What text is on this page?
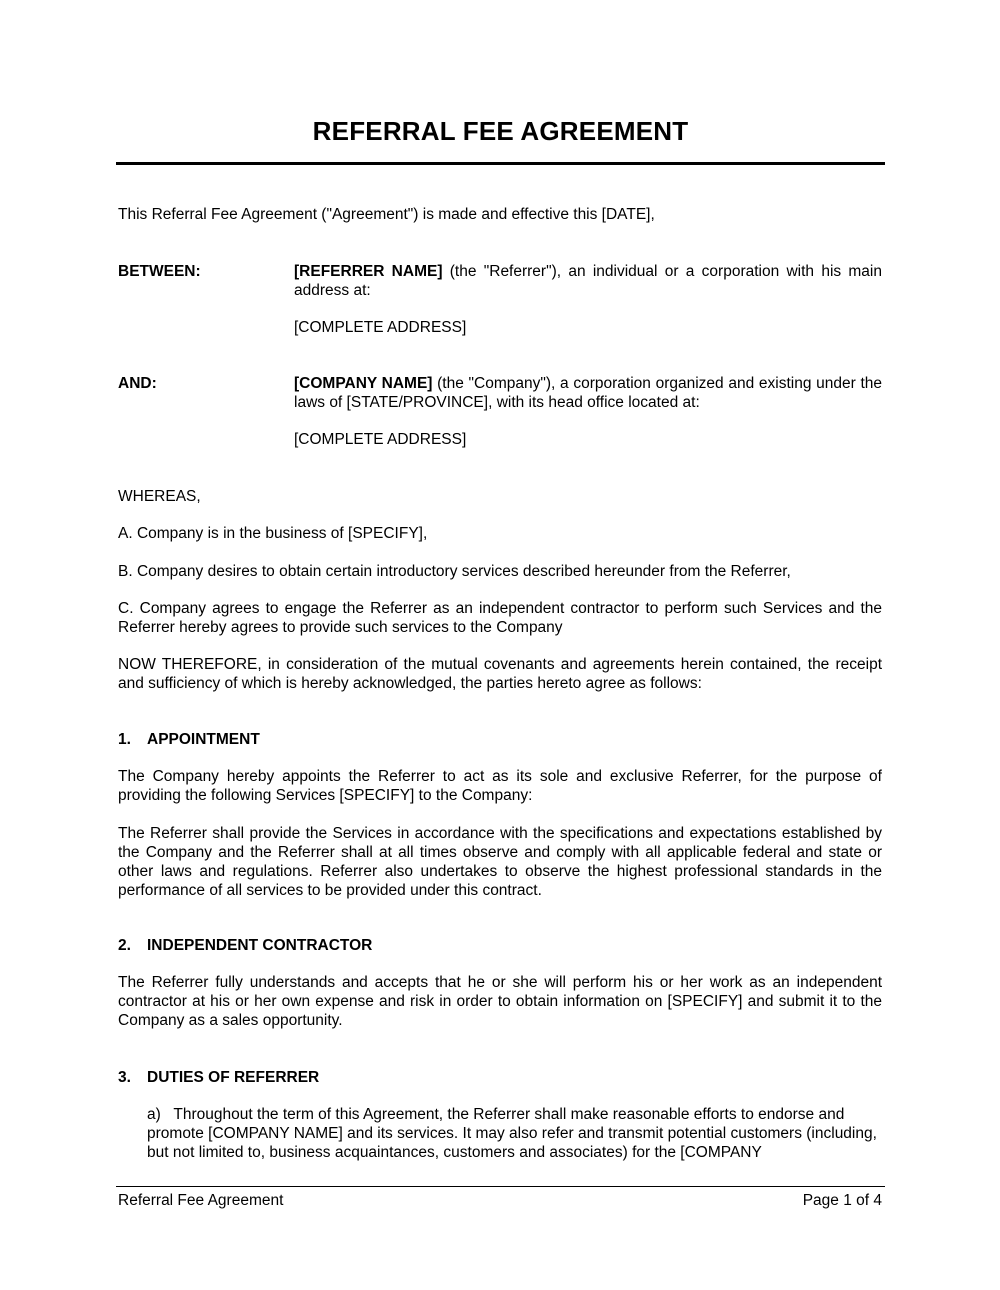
REFERRAL FEE AGREEMENT

This Referral Fee Agreement ("Agreement") is made and effective this [DATE],

BETWEEN:	[REFERRER NAME] (the "Referrer"), an individual or a corporation with his main address at:

[COMPLETE ADDRESS]

AND:	[COMPANY NAME] (the "Company"), a corporation organized and existing under the laws of [STATE/PROVINCE], with its head office located at:

[COMPLETE ADDRESS]

WHEREAS,

A. Company is in the business of [SPECIFY],

B. Company desires to obtain certain introductory services described hereunder from the Referrer,

C. Company agrees to engage the Referrer as an independent contractor to perform such Services and the Referrer hereby agrees to provide such services to the Company

NOW THEREFORE, in consideration of the mutual covenants and agreements herein contained, the receipt and sufficiency of which is hereby acknowledged, the parties hereto agree as follows:

1. APPOINTMENT

The Company hereby appoints the Referrer to act as its sole and exclusive Referrer, for the purpose of providing the following Services [SPECIFY] to the Company:

The Referrer shall provide the Services in accordance with the specifications and expectations established by the Company and the Referrer shall at all times observe and comply with all applicable federal and state or other laws and regulations. Referrer also undertakes to observe the highest professional standards in the performance of all services to be provided under this contract.

2. INDEPENDENT CONTRACTOR

The Referrer fully understands and accepts that he or she will perform his or her work as an independent contractor at his or her own expense and risk in order to obtain information on [SPECIFY] and submit it to the Company as a sales opportunity.

3. DUTIES OF REFERRER

a)   Throughout the term of this Agreement, the Referrer shall make reasonable efforts to endorse and promote [COMPANY NAME] and its services. It may also refer and transmit potential customers (including, but not limited to, business acquaintances, customers and associates) for the [COMPANY

Referral Fee Agreement	Page 1 of 4
